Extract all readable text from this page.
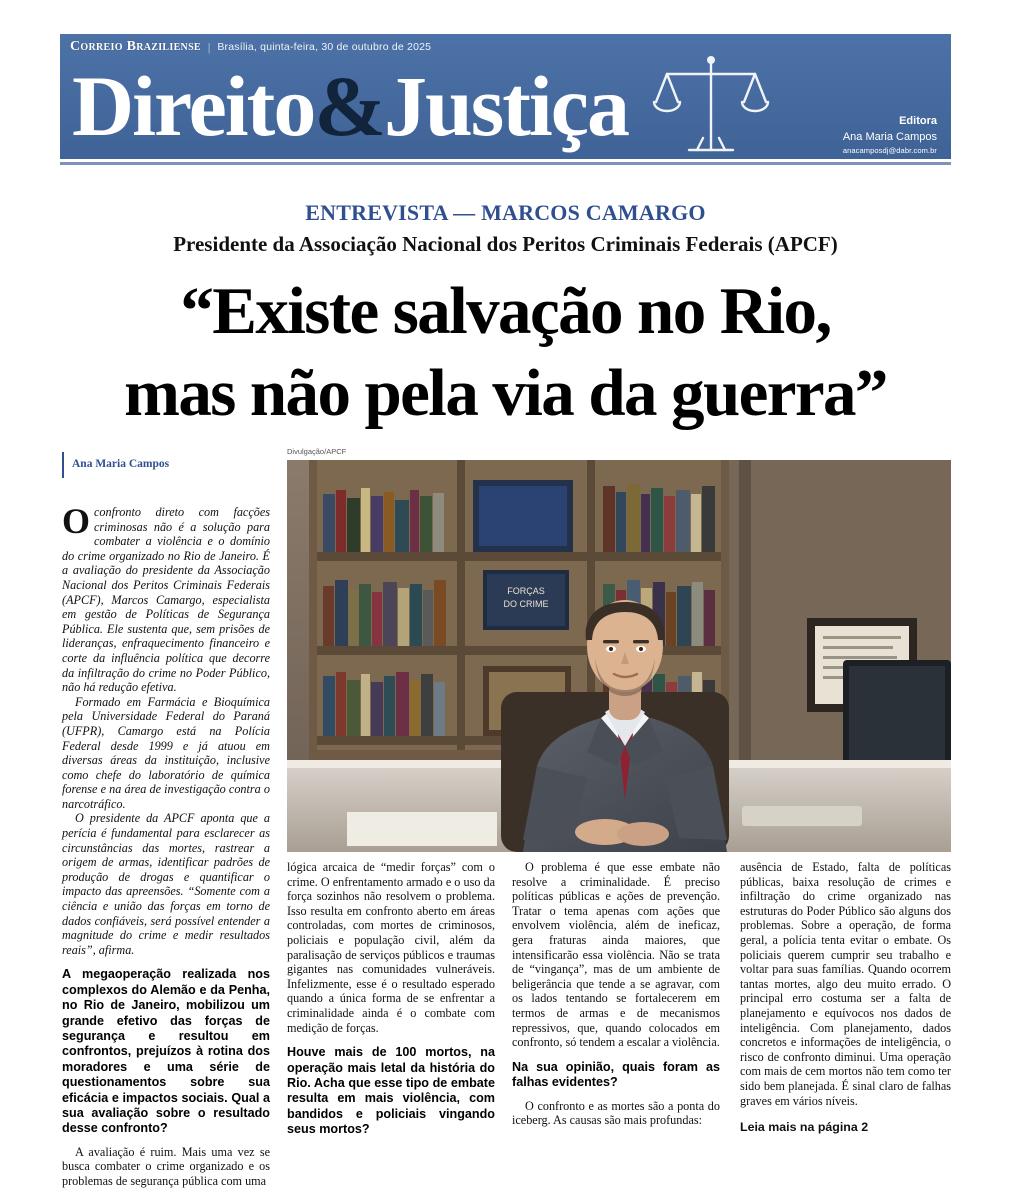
Correio Braziliense | Brasília, quinta-feira, 30 de outubro de 2025
Direito&Justiça	Editora
Ana Maria Campos
anacamposdj@dabr.com.br
ENTREVISTA — MARCOS CAMARGO
Presidente da Associação Nacional dos Peritos Criminais Federais (APCF)
“Existe salvação no Rio,
mas não pela via da guerra”
Ana Maria Campos
Divulgação/APCF
FORÇAS
DO CRIME

O confronto direto com facções criminosas não é a solução para combater a violência e o domínio do crime organizado no Rio de Janeiro. É a avaliação do presidente da Associação Nacional dos Peritos Criminais Federais (APCF), Marcos Camargo, especialista em gestão de Políticas de Segurança Pública. Ele sustenta que, sem prisões de lideranças, enfraquecimento financeiro e corte da influência política que decorre da infiltração do crime no Poder Público, não há redução efetiva.

Formado em Farmácia e Bioquímica pela Universidade Federal do Paraná (UFPR), Camargo está na Polícia Federal desde 1999 e já atuou em diversas áreas da instituição, inclusive como chefe do laboratório de química forense e na área de investigação contra o narcotráfico.

O presidente da APCF aponta que a perícia é fundamental para esclarecer as circunstâncias das mortes, rastrear a origem de armas, identificar padrões de produção de drogas e quantificar o impacto das apreensões. “Somente com a ciência e união das forças em torno de dados confiáveis, será possível entender a magnitude do crime e medir resultados reais”, afirma.

A megaoperação realizada nos complexos do Alemão e da Penha, no Rio de Janeiro, mobilizou um grande efetivo das forças de segurança e resultou em confrontos, prejuízos à rotina dos moradores e uma série de questionamentos sobre sua eficácia e impactos sociais. Qual a sua avaliação sobre o resultado desse confronto?

A avaliação é ruim. Mais uma vez se busca combater o crime organizado e os problemas de segurança pública com uma

lógica arcaica de “medir forças” com o crime. O enfrentamento armado e o uso da força sozinhos não resolvem o problema. Isso resulta em confronto aberto em áreas controladas, com mortes de criminosos, policiais e população civil, além da paralisação de serviços públicos e traumas gigantes nas comunidades vulneráveis. Infelizmente, esse é o resultado esperado quando a única forma de se enfrentar a criminalidade ainda é o combate com medição de forças.

Houve mais de 100 mortos, na operação mais letal da história do Rio. Acha que esse tipo de embate resulta em mais violência, com bandidos e policiais vingando seus mortos?

O problema é que esse embate não resolve a criminalidade. É preciso políticas públicas e ações de prevenção. Tratar o tema apenas com ações que envolvem violência, além de ineficaz, gera fraturas ainda maiores, que intensificarão essa violência. Não se trata de “vingança”, mas de um ambiente de beligerância que tende a se agravar, com os lados tentando se fortalecerem em termos de armas e de mecanismos repressivos, que, quando colocados em confronto, só tendem a escalar a violência.

Na sua opinião, quais foram as falhas evidentes?

O confronto e as mortes são a ponta do iceberg. As causas são mais profundas:

ausência de Estado, falta de políticas públicas, baixa resolução de crimes e infiltração do crime organizado nas estruturas do Poder Público são alguns dos problemas. Sobre a operação, de forma geral, a polícia tenta evitar o embate. Os policiais querem cumprir seu trabalho e voltar para suas famílias. Quando ocorrem tantas mortes, algo deu muito errado. O principal erro costuma ser a falta de planejamento e equívocos nos dados de inteligência. Com planejamento, dados concretos e informações de inteligência, o risco de confronto diminui. Uma operação com mais de cem mortos não tem como ter sido bem planejada. É sinal claro de falhas graves em vários níveis.

Leia mais na página 2
